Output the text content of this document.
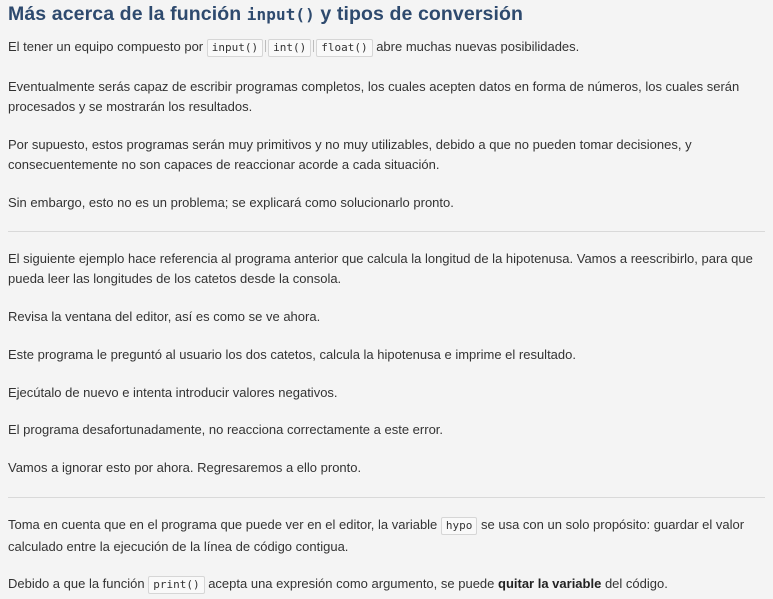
Más acerca de la función input() y tipos de conversión

El tener un equipo compuesto por input() int() float() abre muchas nuevas posibilidades.

Eventualmente serás capaz de escribir programas completos, los cuales acepten datos en forma de números, los cuales serán procesados y se mostrarán los resultados.

Por supuesto, estos programas serán muy primitivos y no muy utilizables, debido a que no pueden tomar decisiones, y consecuentemente no son capaces de reaccionar acorde a cada situación.

Sin embargo, esto no es un problema; se explicará como solucionarlo pronto.

El siguiente ejemplo hace referencia al programa anterior que calcula la longitud de la hipotenusa. Vamos a reescribirlo, para que pueda leer las longitudes de los catetos desde la consola.

Revisa la ventana del editor, así es como se ve ahora.

Este programa le preguntó al usuario los dos catetos, calcula la hipotenusa e imprime el resultado.

Ejecútalo de nuevo e intenta introducir valores negativos.

El programa desafortunadamente, no reacciona correctamente a este error.

Vamos a ignorar esto por ahora. Regresaremos a ello pronto.

Toma en cuenta que en el programa que puede ver en el editor, la variable hypo se usa con un solo propósito: guardar el valor calculado entre la ejecución de la línea de código contigua.

Debido a que la función print() acepta una expresión como argumento, se puede quitar la variable del código.
